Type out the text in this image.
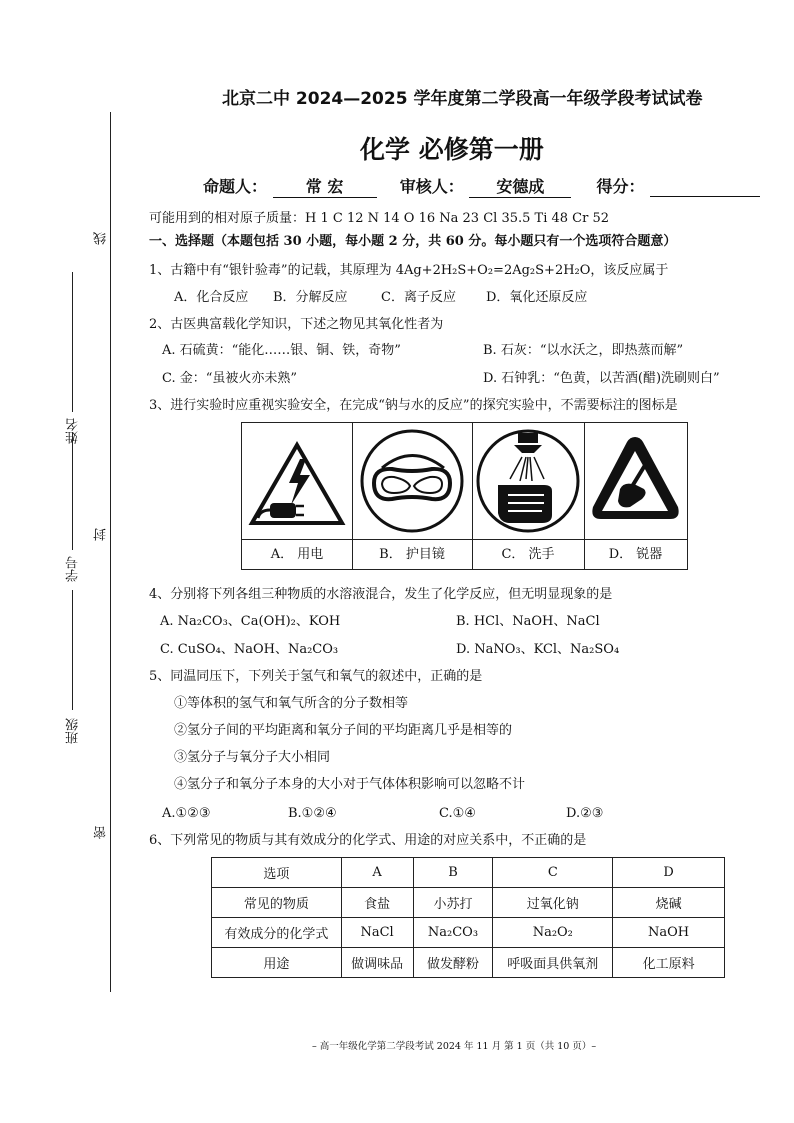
线
姓名
封
学号
班级
密
北京二中 2024—2025 学年度第二学段高一年级学段考试试卷
化学 必修第一册
命题人： 常 宏	审核人： 安德成	得分：
可能用到的相对原子质量：H 1 C 12 N 14 O 16 Na 23 Cl 35.5 Ti 48 Cr 52
一、选择题（本题包括 30 小题，每小题 2 分，共 60 分。每小题只有一个选项符合题意）
1、古籍中有“银针验毒”的记载，其原理为 4Ag+2H₂S+O₂=2Ag₂S+2H₂O，该反应属于
A．化合反应 B．分解反应	C．离子反应 D．氧化还原反应
2、古医典富载化学知识，下述之物见其氧化性者为
A. 石硫黄：“能化……银、铜、铁，奇物”	B. 石灰：“以水沃之，即热蒸而解”
C. 金：“虽被火亦未熟”	D. 石钟乳：“色黄，以苦酒(醋)洗刷则白”
3、进行实验时应重视实验安全，在完成“钠与水的反应”的探究实验中，不需要标注的图标是
A． 用电	B． 护目镜	C． 洗手	D． 锐器
4、分别将下列各组三种物质的水溶液混合，发生了化学反应，但无明显现象的是
A. Na₂CO₃、Ca(OH)₂、KOH	B. HCl、NaOH、NaCl
C. CuSO₄、NaOH、Na₂CO₃	D. NaNO₃、KCl、Na₂SO₄
5、同温同压下，下列关于氢气和氧气的叙述中，正确的是
①等体积的氢气和氧气所含的分子数相等
②氢分子间的平均距离和氧分子间的平均距离几乎是相等的
③氢分子与氧分子大小相同
④氢分子和氧分子本身的大小对于气体体积影响可以忽略不计
A.①②③	B.①②④	C.①④	D.②③
6、下列常见的物质与其有效成分的化学式、用途的对应关系中，不正确的是
选项	A	B	C	D
常见的物质	食盐	小苏打	过氧化钠	烧碱
有效成分的化学式	NaCl	Na₂CO₃	Na₂O₂	NaOH
用途	做调味品	做发酵粉	呼吸面具供氧剂	化工原料
– 高一年级化学第二学段考试 2024 年 11 月 第 1 页（共 10 页）–
